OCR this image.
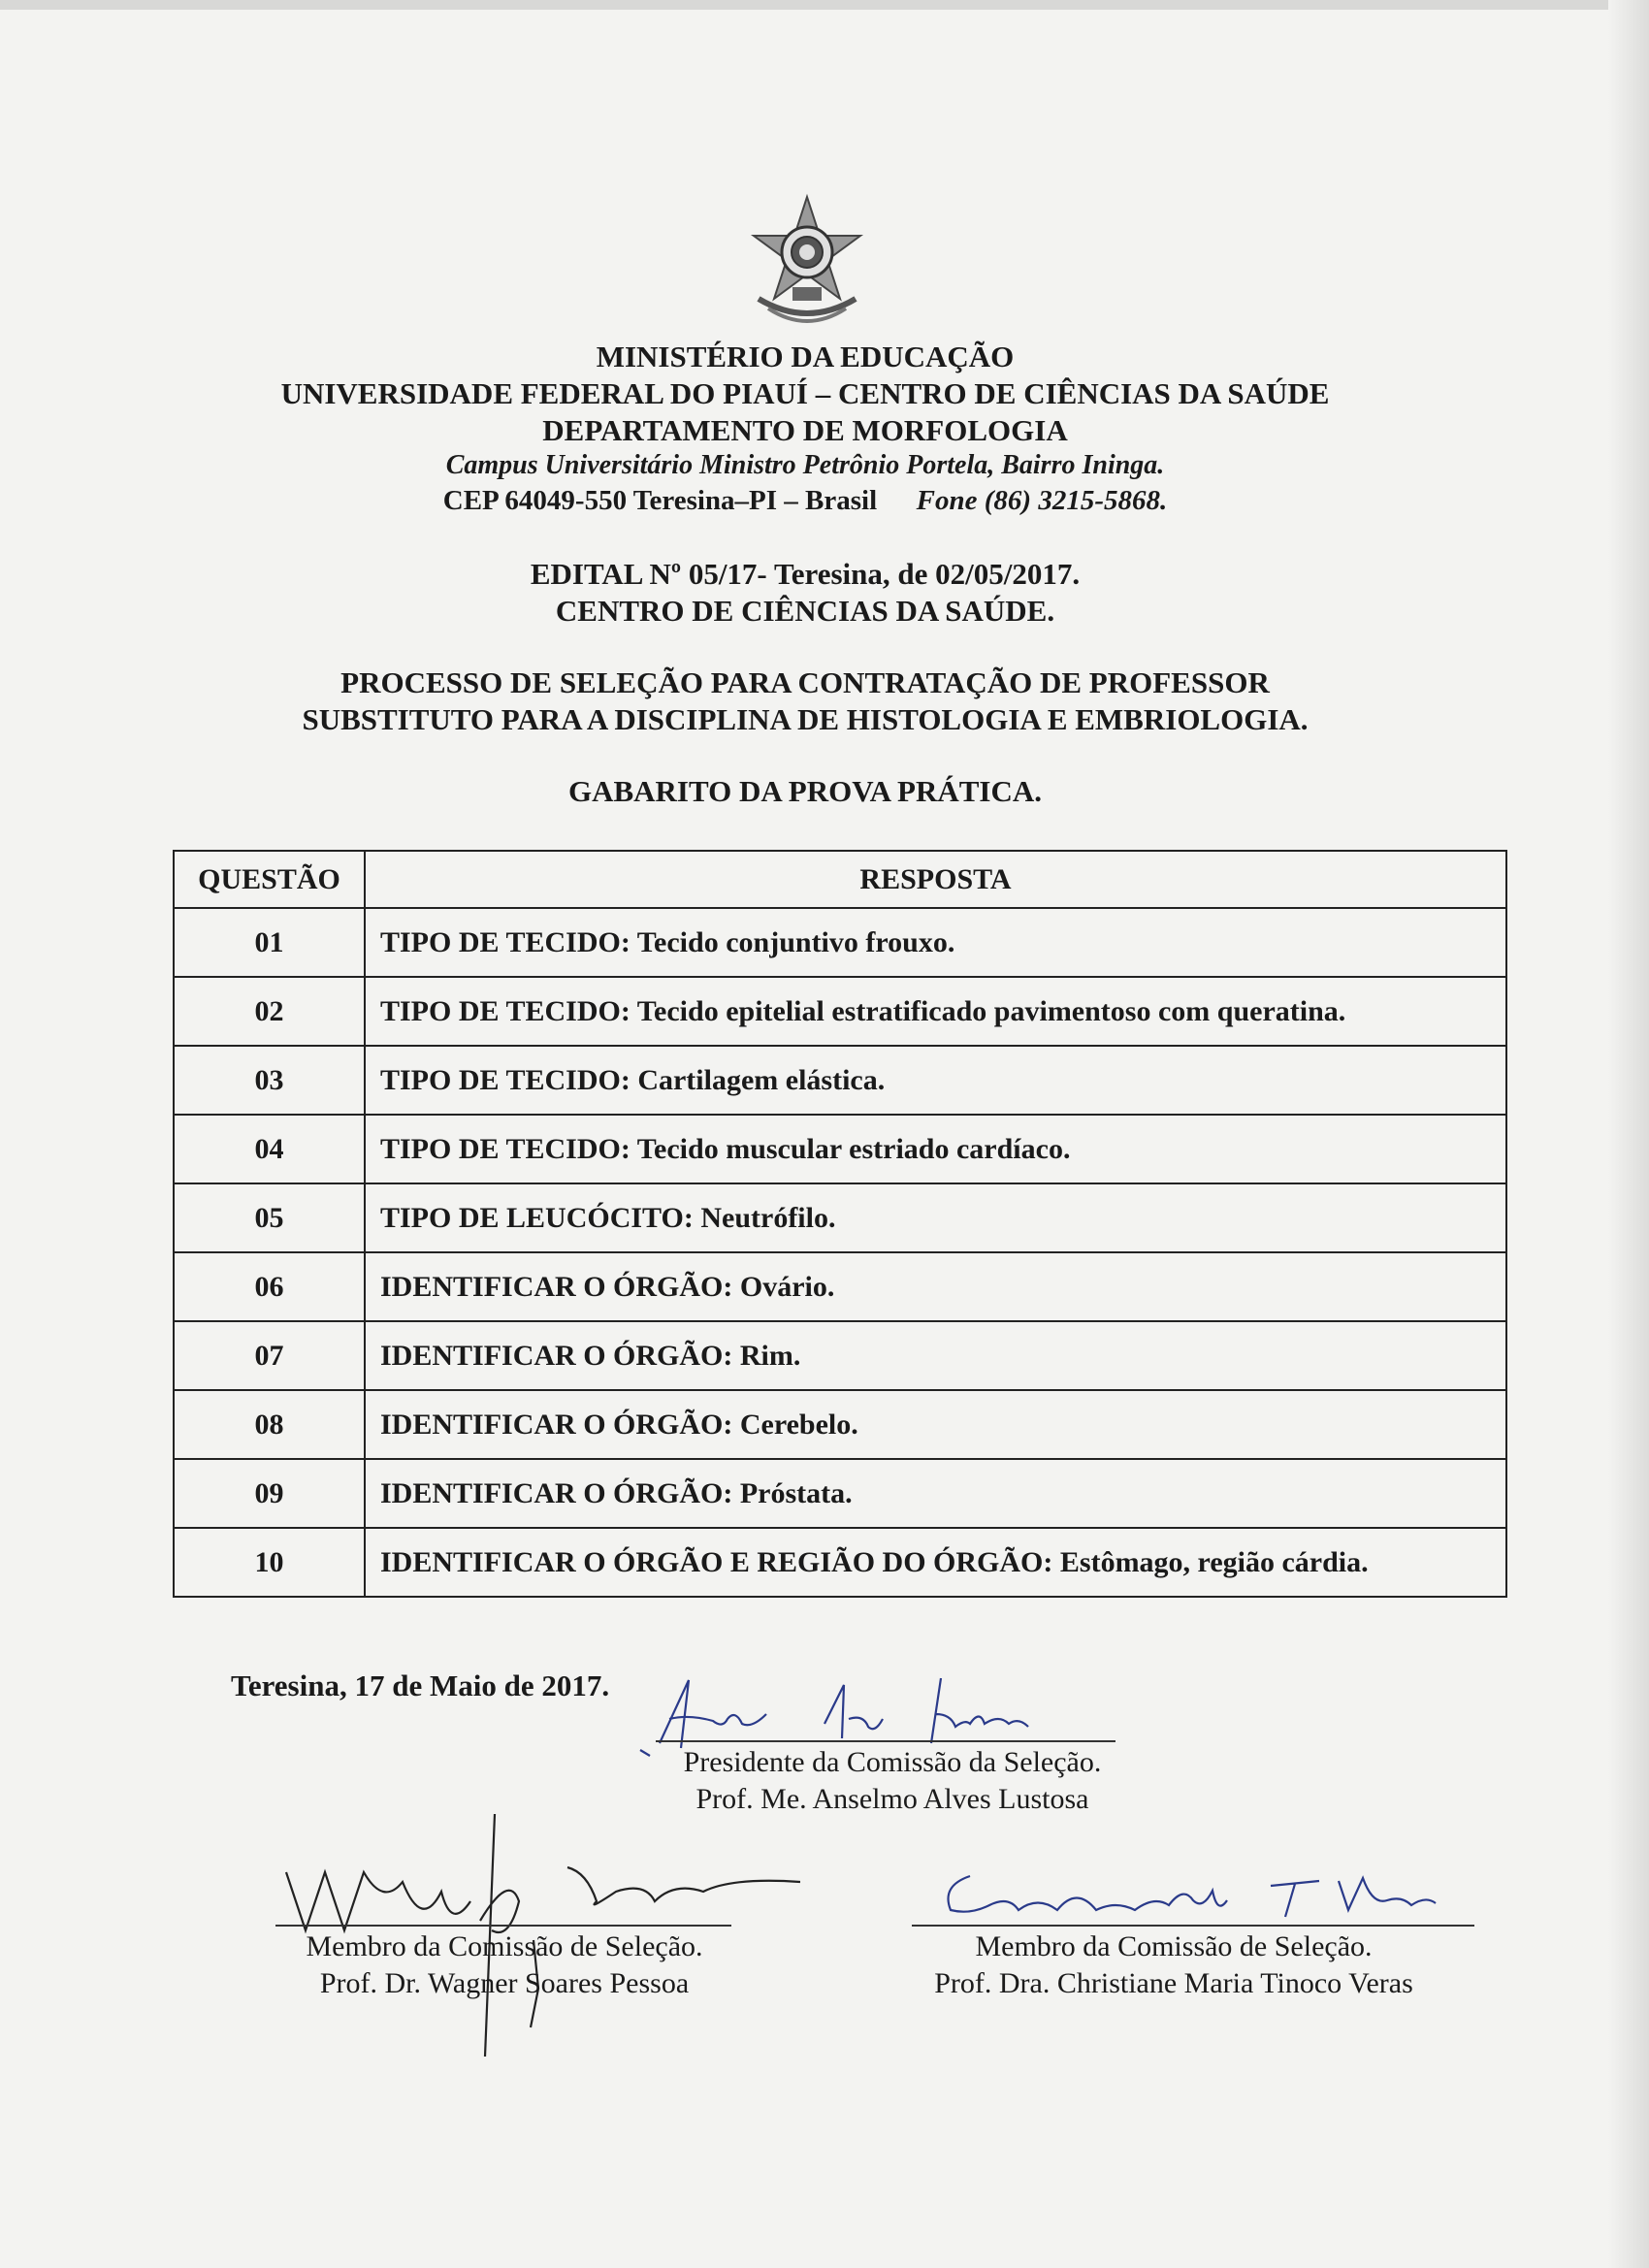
MINISTÉRIO DA EDUCAÇÃO
UNIVERSIDADE FEDERAL DO PIAUÍ – CENTRO DE CIÊNCIAS DA SAÚDE
DEPARTAMENTO DE MORFOLOGIA
Campus Universitário Ministro Petrônio Portela, Bairro Ininga.
CEP 64049-550 Teresina–PI – Brasil Fone (86) 3215-5868.
EDITAL Nº 05/17- Teresina, de 02/05/2017.
CENTRO DE CIÊNCIAS DA SAÚDE.
PROCESSO DE SELEÇÃO PARA CONTRATAÇÃO DE PROFESSOR
SUBSTITUTO PARA A DISCIPLINA DE HISTOLOGIA E EMBRIOLOGIA.
GABARITO DA PROVA PRÁTICA.
QUESTÃO	RESPOSTA
01	TIPO DE TECIDO: Tecido conjuntivo frouxo.
02	TIPO DE TECIDO: Tecido epitelial estratificado pavimentoso com queratina.
03	TIPO DE TECIDO: Cartilagem elástica.
04	TIPO DE TECIDO: Tecido muscular estriado cardíaco.
05	TIPO DE LEUCÓCITO: Neutrófilo.
06	IDENTIFICAR O ÓRGÃO: Ovário.
07	IDENTIFICAR O ÓRGÃO: Rim.
08	IDENTIFICAR O ÓRGÃO: Cerebelo.
09	IDENTIFICAR O ÓRGÃO: Próstata.
10	IDENTIFICAR O ÓRGÃO E REGIÃO DO ÓRGÃO: Estômago, região cárdia.
Teresina, 17 de Maio de 2017.
Presidente da Comissão da Seleção.
Prof. Me. Anselmo Alves Lustosa
Membro da Comissão de Seleção.
Prof. Dr. Wagner Soares Pessoa
Membro da Comissão de Seleção.
Prof. Dra. Christiane Maria Tinoco Veras
